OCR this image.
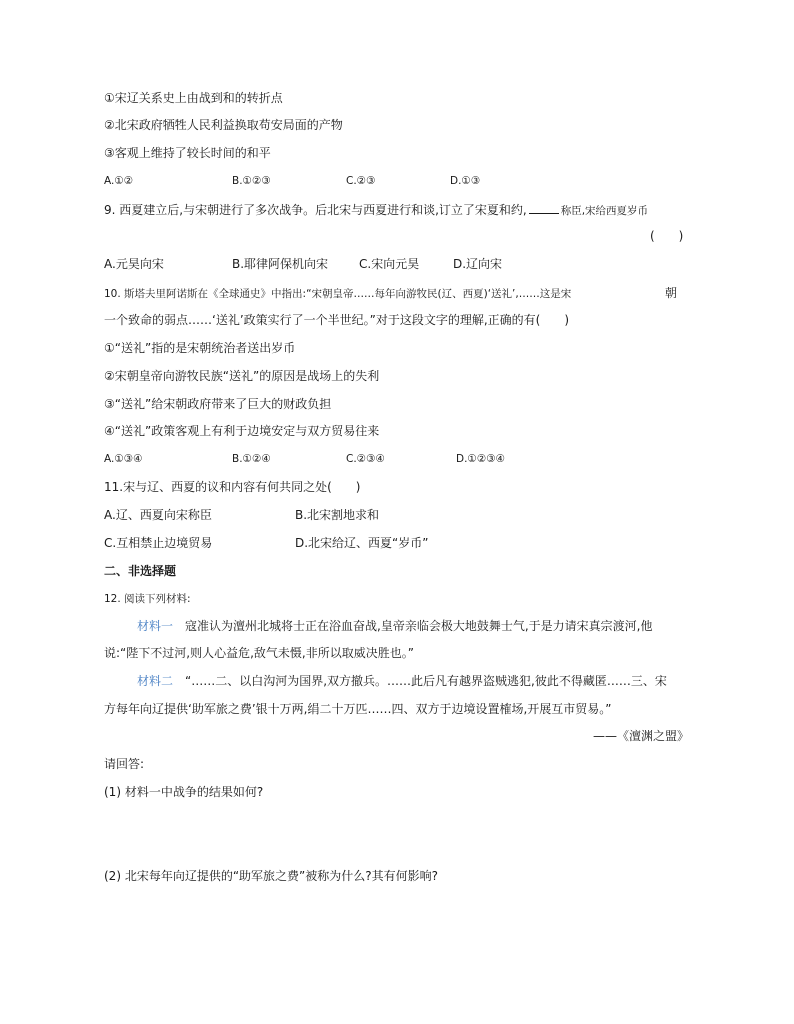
①宋辽关系史上由战到和的转折点
②北宋政府牺牲人民利益换取苟安局面的产物
③客观上维持了较长时间的和平
A.①②	B.①②③	C.②③	D.①③
9. 西夏建立后,与宋朝进行了多次战争。后北宋与西夏进行和谈,订立了宋夏和约,	称臣,宋给西夏岁币
(　　)
A.元昊向宋	B.耶律阿保机向宋	C.宋向元昊	D.辽向宋
10. 斯塔夫里阿诺斯在《全球通史》中指出:“宋朝皇帝……每年向游牧民(辽、西夏)‘送礼’,……这是宋	朝
一个致命的弱点……‘送礼’政策实行了一个半世纪。”对于这段文字的理解,正确的有(　　)
①“送礼”指的是宋朝统治者送出岁币
②宋朝皇帝向游牧民族“送礼”的原因是战场上的失利
③“送礼”给宋朝政府带来了巨大的财政负担
④“送礼”政策客观上有利于边境安定与双方贸易往来
A.①③④	B.①②④	C.②③④	D.①②③④
11.宋与辽、西夏的议和内容有何共同之处(　　)
A.辽、西夏向宋称臣	B.北宋割地求和
C.互相禁止边境贸易	D.北宋给辽、西夏“岁币”
二、非选择题
12. 阅读下列材料:
材料一 寇准认为澶州北城将士正在浴血奋战,皇帝亲临会极大地鼓舞士气,于是力请宋真宗渡河,他
说:“陛下不过河,则人心益危,敌气未慑,非所以取威决胜也。”
材料二 “……二、以白沟河为国界,双方撤兵。……此后凡有越界盗贼逃犯,彼此不得藏匿……三、宋
方每年向辽提供‘助军旅之费’银十万两,绢二十万匹……四、双方于边境设置榷场,开展互市贸易。”
——《澶渊之盟》
请回答:
(1) 材料一中战争的结果如何?
(2) 北宋每年向辽提供的“助军旅之费”被称为什么?其有何影响?
